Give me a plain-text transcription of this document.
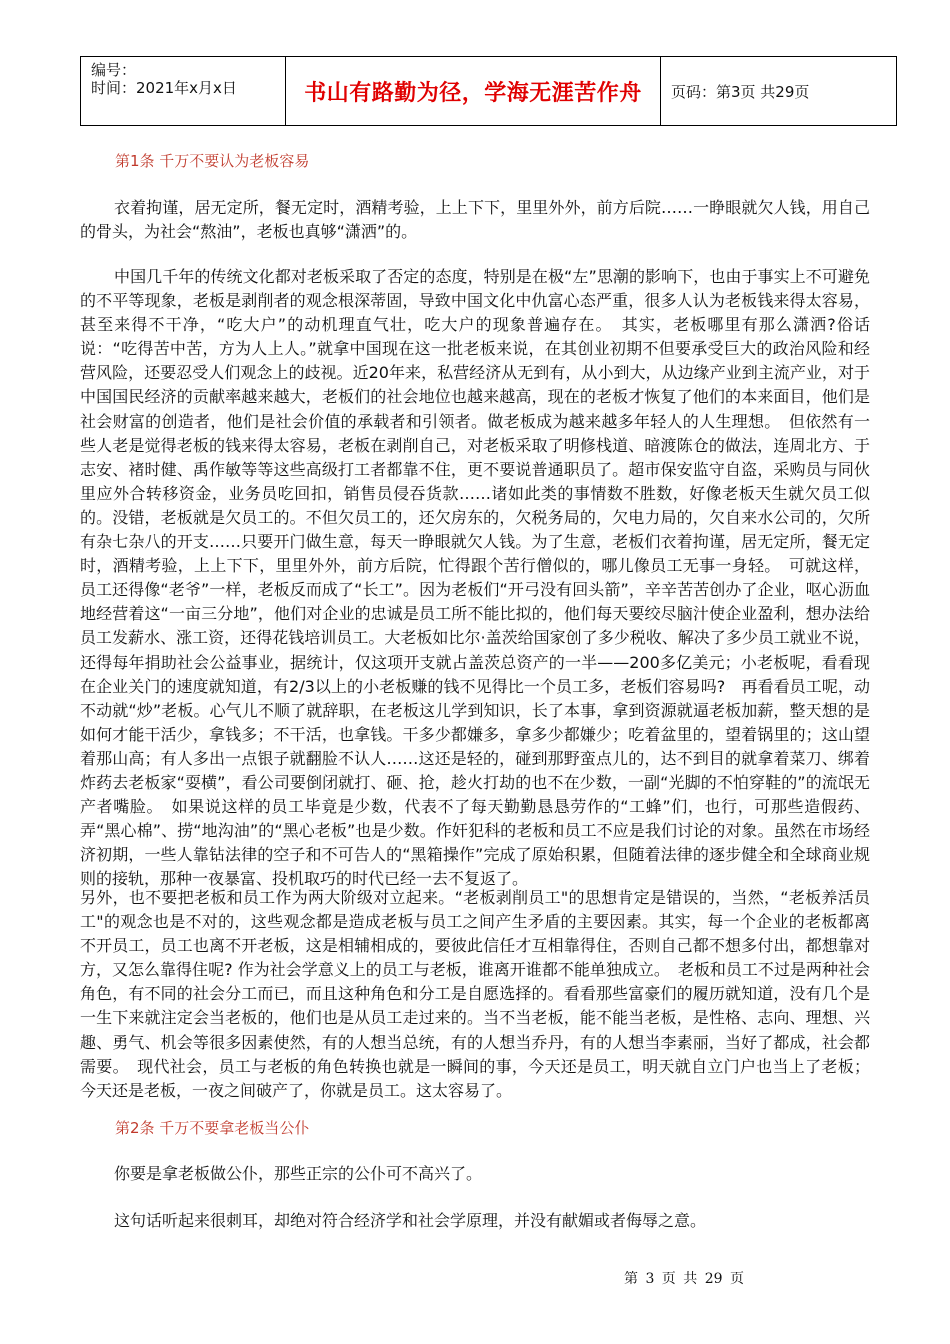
编号：
时间：2021年x月x日	书山有路勤为径，学海无涯苦作舟 页码：第3页 共29页
第1条 千万不要认为老板容易

衣着拘谨，居无定所，餐无定时，酒精考验，上上下下，里里外外，前方后院……一睁眼就欠人钱，用自己的骨头，为社会“熬油”，老板也真够“潇洒”的。

中国几千年的传统文化都对老板采取了否定的态度，特别是在极“左”思潮的影响下，也由于事实上不可避免的不平等现象，老板是剥削者的观念根深蒂固，导致中国文化中仇富心态严重，很多人认为老板钱来得太容易，甚至来得不干净，“吃大户”的动机理直气壮，吃大户的现象普遍存在。　其实，老板哪里有那么潇洒?俗话说：“吃得苦中苦，方为人上人。”就拿中国现在这一批老板来说，在其创业初期不但要承受巨大的政治风险和经营风险，还要忍受人们观念上的歧视。近20年来，私营经济从无到有，从小到大，从边缘产业到主流产业，对于中国国民经济的贡献率越来越大，老板们的社会地位也越来越高，现在的老板才恢复了他们的本来面目，他们是社会财富的创造者，他们是社会价值的承载者和引领者。做老板成为越来越多年轻人的人生理想。　但依然有一些人老是觉得老板的钱来得太容易，老板在剥削自己，对老板采取了明修栈道、暗渡陈仓的做法，连周北方、于志安、褚时健、禹作敏等等这些高级打工者都靠不住，更不要说普通职员了。超市保安监守自盗，采购员与同伙里应外合转移资金，业务员吃回扣，销售员侵吞货款……诸如此类的事情数不胜数，好像老板天生就欠员工似的。没错，老板就是欠员工的。不但欠员工的，还欠房东的，欠税务局的，欠电力局的，欠自来水公司的，欠所有杂七杂八的开支……只要开门做生意，每天一睁眼就欠人钱。为了生意，老板们衣着拘谨，居无定所，餐无定时，酒精考验，上上下下，里里外外，前方后院，忙得跟个苦行僧似的，哪儿像员工无事一身轻。　可就这样，员工还得像“老爷”一样，老板反而成了“长工”。因为老板们“开弓没有回头箭”，辛辛苦苦创办了企业，呕心沥血地经营着这“一亩三分地”，他们对企业的忠诚是员工所不能比拟的，他们每天要绞尽脑汁使企业盈利，想办法给员工发薪水、涨工资，还得花钱培训员工。大老板如比尔·盖茨给国家创了多少税收、解决了多少员工就业不说，还得每年捐助社会公益事业，据统计，仅这项开支就占盖茨总资产的一半——200多亿美元；小老板呢，看看现在企业关门的速度就知道，有2/3以上的小老板赚的钱不见得比一个员工多，老板们容易吗?　再看看员工呢，动不动就“炒”老板。心气儿不顺了就辞职，在老板这儿学到知识，长了本事，拿到资源就逼老板加薪，整天想的是如何才能干活少，拿钱多；不干活，也拿钱。干多少都嫌多，拿多少都嫌少；吃着盆里的，望着锅里的；这山望着那山高；有人多出一点银子就翻脸不认人……这还是轻的，碰到那野蛮点儿的，达不到目的就拿着菜刀、绑着炸药去老板家“耍横”，看公司要倒闭就打、砸、抢，趁火打劫的也不在少数，一副“光脚的不怕穿鞋的”的流氓无产者嘴脸。　如果说这样的员工毕竟是少数，代表不了每天勤勤恳恳劳作的“工蜂”们，也行，可那些造假药、弄“黑心棉”、捞“地沟油”的“黑心老板”也是少数。作奸犯科的老板和员工不应是我们讨论的对象。虽然在市场经济初期，一些人靠钻法律的空子和不可告人的“黑箱操作”完成了原始积累，但随着法律的逐步健全和全球商业规则的接轨，那种一夜暴富、投机取巧的时代已经一去不复返了。

另外，也不要把老板和员工作为两大阶级对立起来。“老板剥削员工"的思想肯定是错误的，当然，“老板养活员工"的观念也是不对的，这些观念都是造成老板与员工之间产生矛盾的主要因素。其实，每一个企业的老板都离不开员工，员工也离不开老板，这是相辅相成的，要彼此信任才互相靠得住，否则自己都不想多付出，都想靠对方，又怎么靠得住呢? 作为社会学意义上的员工与老板，谁离开谁都不能单独成立。　老板和员工不过是两种社会角色，有不同的社会分工而已，而且这种角色和分工是自愿选择的。看看那些富豪们的履历就知道，没有几个是一生下来就注定会当老板的，他们也是从员工走过来的。当不当老板，能不能当老板，是性格、志向、理想、兴趣、勇气、机会等很多因素使然，有的人想当总统，有的人想当乔丹，有的人想当李素丽，当好了都成，社会都需要。　现代社会，员工与老板的角色转换也就是一瞬间的事，今天还是员工，明天就自立门户也当上了老板；今天还是老板，一夜之间破产了，你就是员工。这太容易了。

第2条 千万不要拿老板当公仆

你要是拿老板做公仆，那些正宗的公仆可不高兴了。

这句话听起来很刺耳，却绝对符合经济学和社会学原理，并没有献媚或者侮辱之意。

第 3 页 共 29 页
